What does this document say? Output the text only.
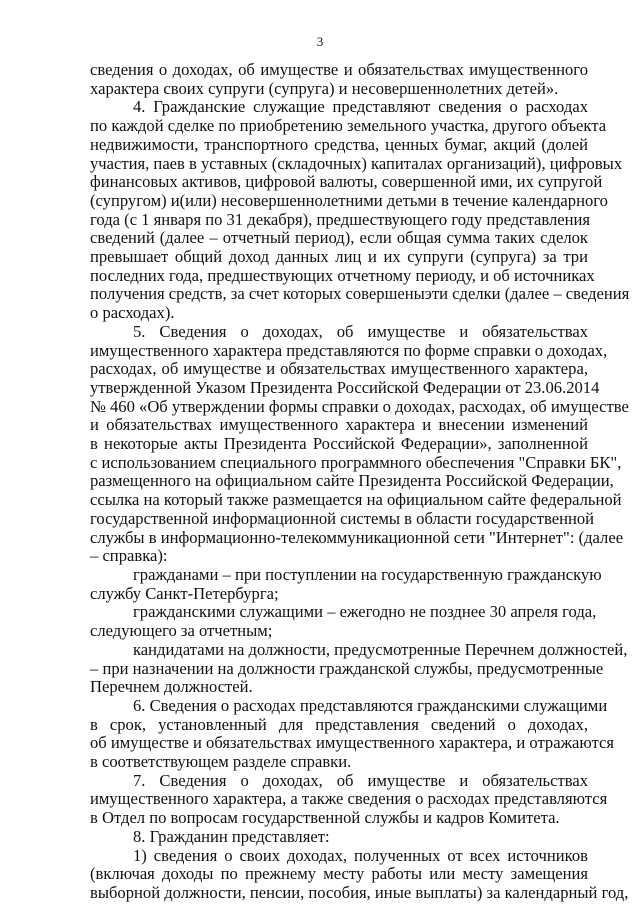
3
сведения о доходах, об имуществе и обязательствах имущественного
характера своих супруги (супруга) и несовершеннолетних детей».
4. Гражданские служащие представляют сведения о расходах
по каждой сделке по приобретению земельного участка, другого объекта
недвижимости, транспортного средства, ценных бумаг, акций (долей
участия, паев в уставных (складочных) капиталах организаций), цифровых
финансовых активов, цифровой валюты, совершенной ими, их супругой
(супругом) и(или) несовершеннолетними детьми в течение календарного
года (с 1 января по 31 декабря), предшествующего году представления
сведений (далее – отчетный период), если общая сумма таких сделок
превышает общий доход данных лиц и их супруги (супруга) за три
последних года, предшествующих отчетному периоду, и об источниках
получения средств, за счет которых совершеныэти сделки (далее – сведения
о расходах).
5. Сведения о доходах, об имуществе и обязательствах
имущественного характера представляются по форме справки о доходах,
расходах, об имуществе и обязательствах имущественного характера,
утвержденной Указом Президента Российской Федерации от 23.06.2014
№ 460 «Об утверждении формы справки о доходах, расходах, об имуществе
и обязательствах имущественного характера и внесении изменений
в некоторые акты Президента Российской Федерации», заполненной
с использованием специального программного обеспечения "Справки БК",
размещенного на официальном сайте Президента Российской Федерации,
ссылка на который также размещается на официальном сайте федеральной
государственной информационной системы в области государственной
службы в информационно-телекоммуникационной сети "Интернет": (далее
– справка):
гражданами – при поступлении на государственную гражданскую
службу Санкт-Петербурга;
гражданскими служащими – ежегодно не позднее 30 апреля года,
следующего за отчетным;
кандидатами на должности, предусмотренные Перечнем должностей,
– при назначении на должности гражданской службы, предусмотренные
Перечнем должностей.
6. Сведения о расходах представляются гражданскими служащими
в срок, установленный для представления сведений о доходах,
об имуществе и обязательствах имущественного характера, и отражаются
в соответствующем разделе справки.
7. Сведения о доходах, об имуществе и обязательствах
имущественного характера, а также сведения о расходах представляются
в Отдел по вопросам государственной службы и кадров Комитета.
8. Гражданин представляет:
1) сведения о своих доходах, полученных от всех источников
(включая доходы по прежнему месту работы или месту замещения
выборной должности, пенсии, пособия, иные выплаты) за календарный год,
